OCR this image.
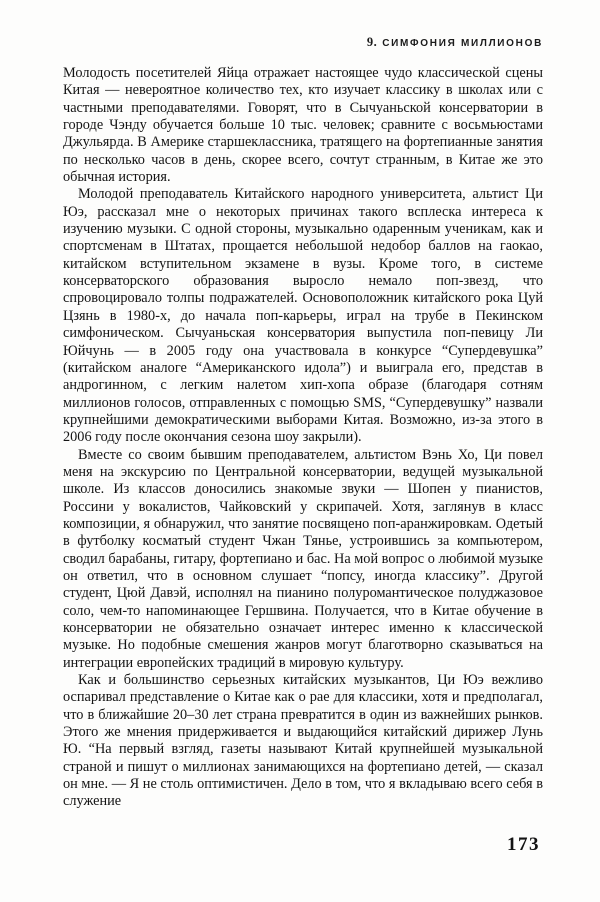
9. СИМФОНИЯ МИЛЛИОНОВ

Молодость посетителей Яйца отражает настоящее чудо классической сцены Китая — невероятное количество тех, кто изучает классику в школах или с частными преподавателями. Говорят, что в Сычуаньской консерватории в городе Чэнду обучается больше 10 тыс. человек; сравните с восьмьюстами Джульярда. В Америке старшеклассника, тратящего на фортепианные занятия по несколько часов в день, скорее всего, сочтут странным, в Китае же это обычная история.

Молодой преподаватель Китайского народного университета, альтист Ци Юэ, рассказал мне о некоторых причинах такого всплеска интереса к изучению музыки. С одной стороны, музыкально одаренным ученикам, как и спортсменам в Штатах, прощается небольшой недобор баллов на гаокао, китайском вступительном экзамене в вузы. Кроме того, в системе консерваторского образования выросло немало поп-звезд, что спровоцировало толпы подражателей. Основоположник китайского рока Цуй Цзянь в 1980-х, до начала поп-карьеры, играл на трубе в Пекинском симфоническом. Сычуаньская консерватория выпустила поп-певицу Ли Юйчунь — в 2005 году она участвовала в конкурсе “Супердевушка” (китайском аналоге “Американского идола”) и выиграла его, представ в андрогинном, с легким налетом хип-хопа образе (благодаря сотням миллионов голосов, отправленных с помощью SMS, “Супердевушку” назвали крупнейшими демократическими выборами Китая. Возможно, из-за этого в 2006 году после окончания сезона шоу закрыли).

Вместе со своим бывшим преподавателем, альтистом Вэнь Хо, Ци повел меня на экскурсию по Центральной консерватории, ведущей музыкальной школе. Из классов доносились знакомые звуки — Шопен у пианистов, Россини у вокалистов, Чайковский у скрипачей. Хотя, заглянув в класс композиции, я обнаружил, что занятие посвящено поп-аранжировкам. Одетый в футболку косматый студент Чжан Тянье, устроившись за компьютером, сводил барабаны, гитару, фортепиано и бас. На мой вопрос о любимой музыке он ответил, что в основном слушает “попсу, иногда классику”. Другой студент, Цюй Давэй, исполнял на пианино полуромантическое полуджазовое соло, чем-то напоминающее Гершвина. Получается, что в Китае обучение в консерватории не обязательно означает интерес именно к классической музыке. Но подобные смешения жанров могут благотворно сказываться на интеграции европейских традиций в мировую культуру.

Как и большинство серьезных китайских музыкантов, Ци Юэ вежливо оспаривал представление о Китае как о рае для классики, хотя и предполагал, что в ближайшие 20–30 лет страна превратится в один из важнейших рынков. Этого же мнения придерживается и выдающийся китайский дирижер Лунь Ю. “На первый взгляд, газеты называют Китай крупнейшей музыкальной страной и пишут о миллионах занимающихся на фортепиано детей, — сказал он мне. — Я не столь оптимистичен. Дело в том, что я вкладываю всего себя в служение

173
